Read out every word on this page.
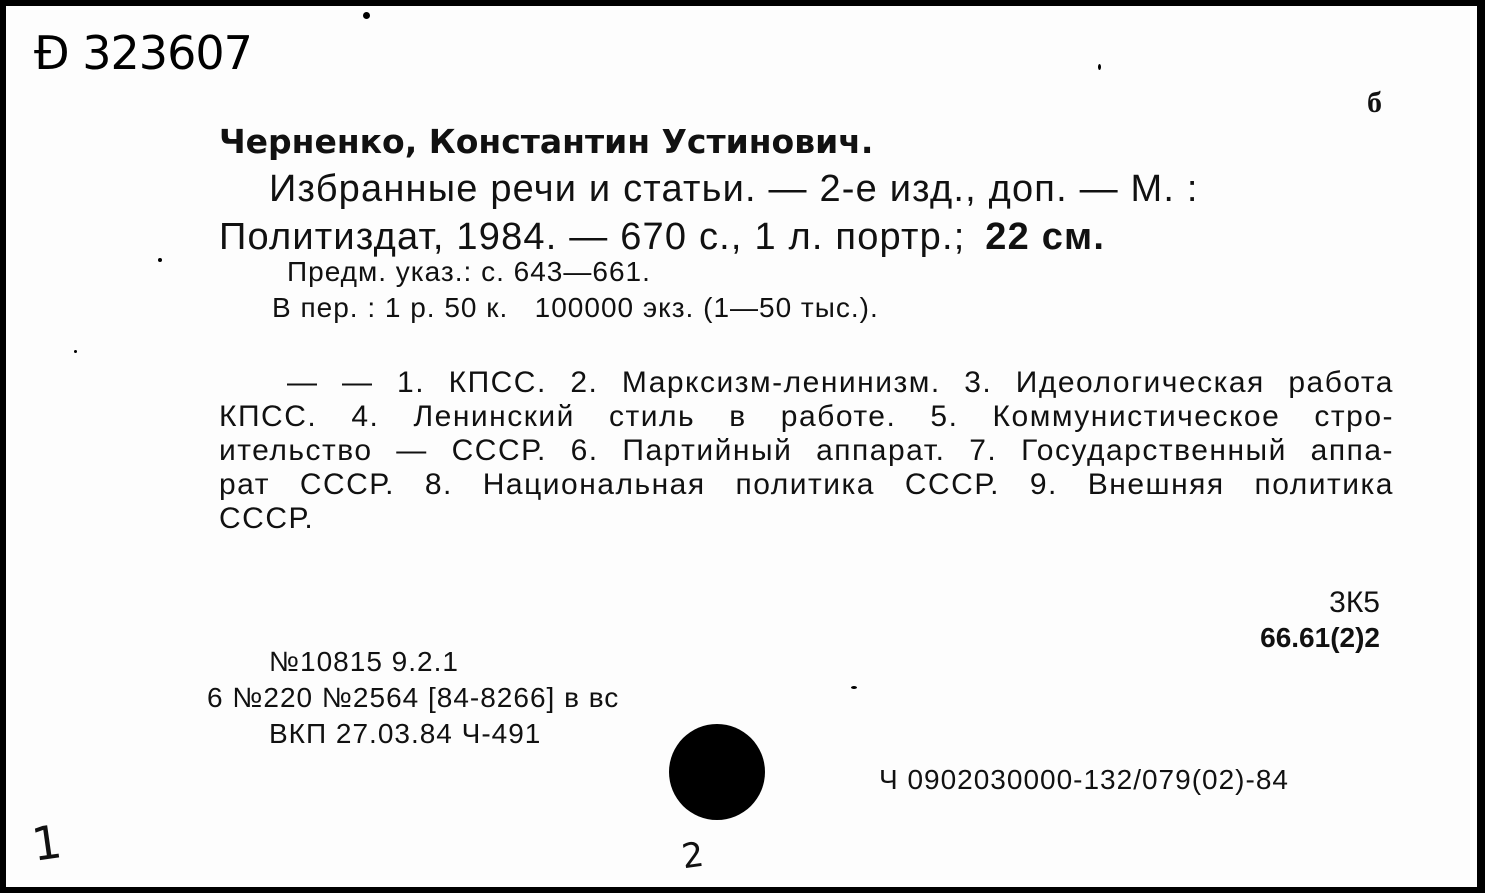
Ɖ 323607
б
Черненко, Константин Устинович.
Избранные речи и статьи. — 2-е изд., доп. — М. :
Политиздат, 1984. — 670 с., 1 л. портр.; 22 см.
Предм. указ.: с. 643—661.
В пер. : 1 р. 50 к.   100000 экз. (1—50 тыс.).
— — 1. КПСС. 2. Марксизм-ленинизм. 3. Идеологическая работа
КПСС. 4. Ленинский стиль в работе. 5. Коммунистическое стро-
ительство — СССР. 6. Партийный аппарат. 7. Государственный аппа-
рат СССР. 8. Национальная политика СССР. 9. Внешняя политика
СССР.
3К5
66.61(2)2
№10815 9.2.1
6 №220 №2564 [84-8266] в вс
ВКП 27.03.84 Ч-491
Ч 0902030000-132/079(02)-84
1	2
